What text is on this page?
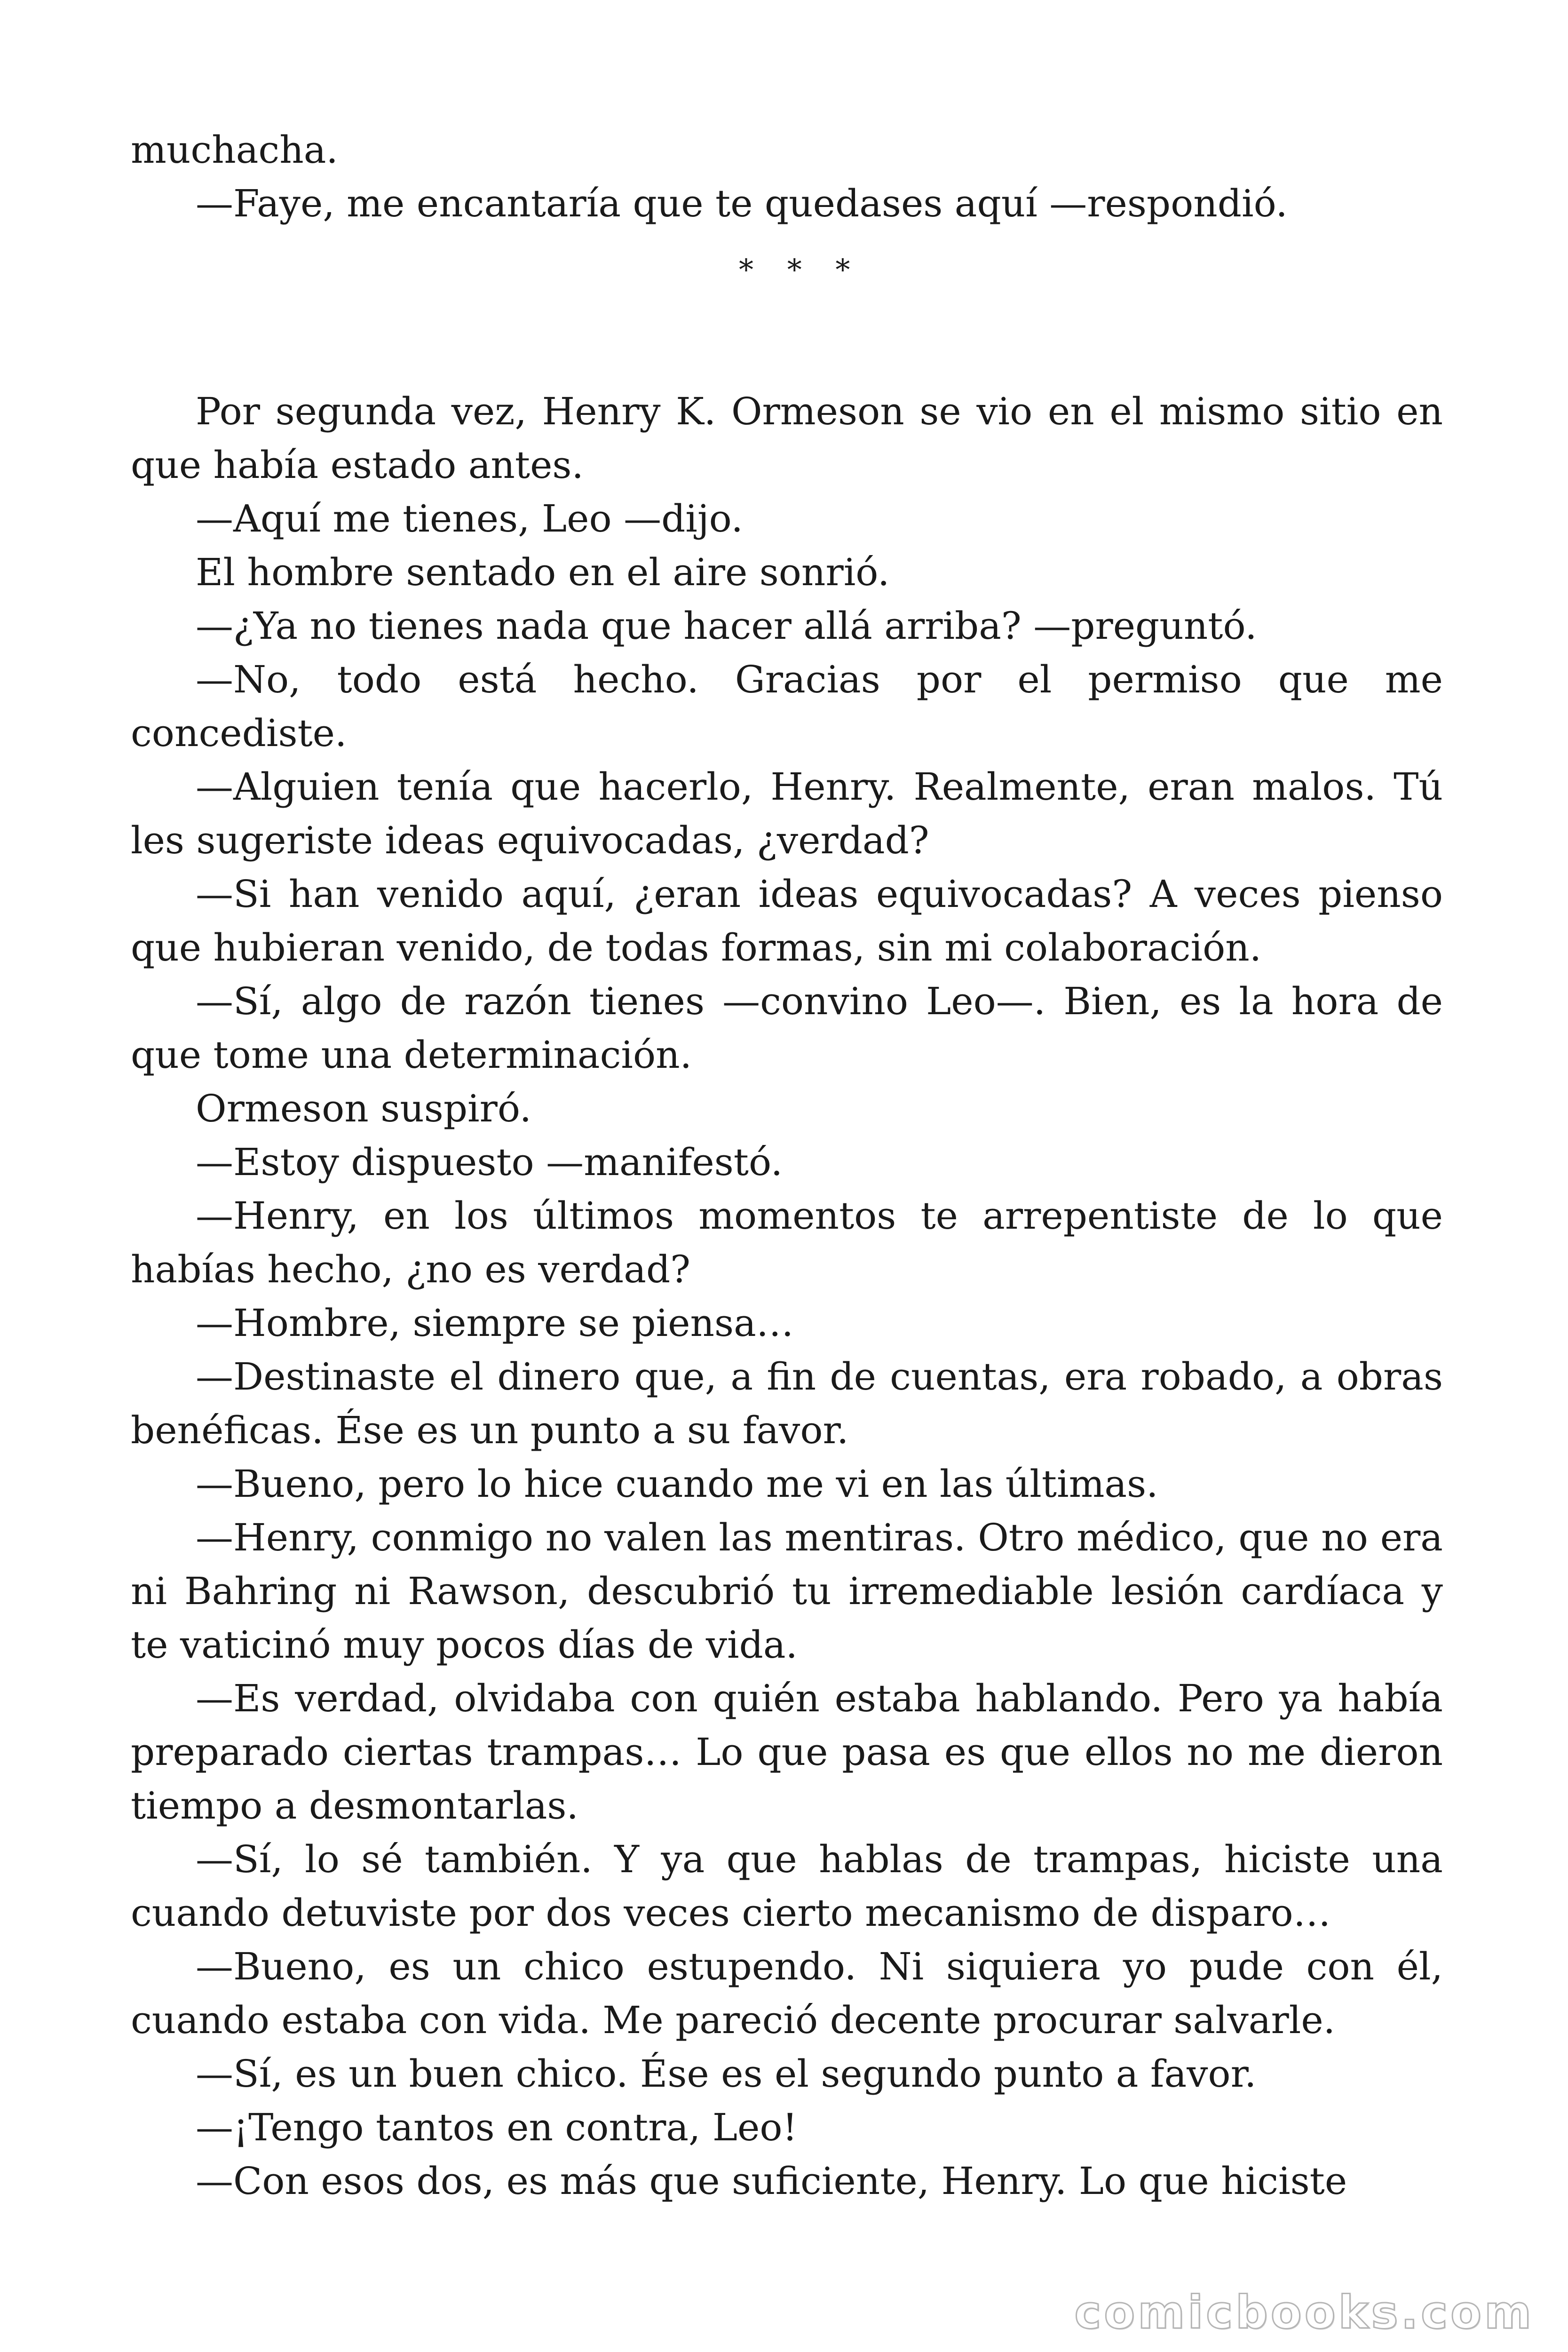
muchacha.

—Faye, me encantaría que te quedases aquí —respondió.

* * *

Por segunda vez, Henry K. Ormeson se vio en el mismo sitio en que había estado antes.

—Aquí me tienes, Leo —dijo.

El hombre sentado en el aire sonrió.

—¿Ya no tienes nada que hacer allá arriba? —preguntó.

—No, todo está hecho. Gracias por el permiso que me concediste.

—Alguien tenía que hacerlo, Henry. Realmente, eran malos. Tú les sugeriste ideas equivocadas, ¿verdad?

—Si han venido aquí, ¿eran ideas equivocadas? A veces pienso que hubieran venido, de todas formas, sin mi colaboración.

—Sí, algo de razón tienes —convino Leo—. Bien, es la hora de que tome una determinación.

Ormeson suspiró.

—Estoy dispuesto —manifestó.

—Henry, en los últimos momentos te arrepentiste de lo que habías hecho, ¿no es verdad?

—Hombre, siempre se piensa…

—Destinaste el dinero que, a fin de cuentas, era robado, a obras benéficas. Ése es un punto a su favor.

—Bueno, pero lo hice cuando me vi en las últimas.

—Henry, conmigo no valen las mentiras. Otro médico, que no era ni Bahring ni Rawson, descubrió tu irremediable lesión cardíaca y te vaticinó muy pocos días de vida.

—Es verdad, olvidaba con quién estaba hablando. Pero ya había preparado ciertas trampas… Lo que pasa es que ellos no me dieron tiempo a desmontarlas.

—Sí, lo sé también. Y ya que hablas de trampas, hiciste una cuando detuviste por dos veces cierto mecanismo de disparo…

—Bueno, es un chico estupendo. Ni siquiera yo pude con él, cuando estaba con vida. Me pareció decente procurar salvarle.

—Sí, es un buen chico. Ése es el segundo punto a favor.

—¡Tengo tantos en contra, Leo!

—Con esos dos, es más que suficiente, Henry. Lo que hiciste

comicbooks.com
